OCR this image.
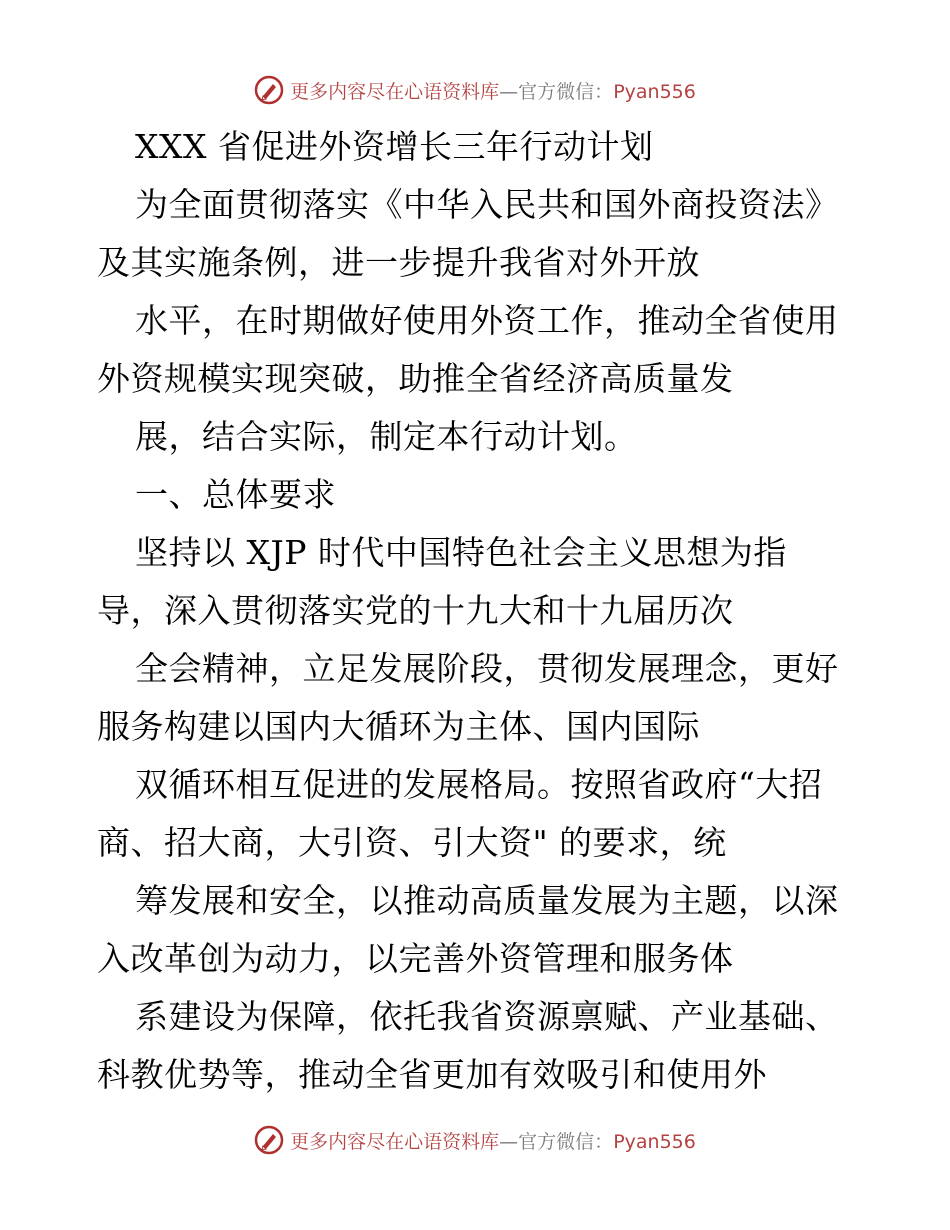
更多内容尽在心语资料库—官方微信：Pyan556
XXX 省促进外资增长三年行动计划
为全面贯彻落实《中华入民共和国外商投资法》
及其实施条例，进一步提升我省对外开放
水平，在时期做好使用外资工作，推动全省使用
外资规模实现突破，助推全省经济高质量发
展，结合实际，制定本行动计划。
一、总体要求
坚持以 XJP 时代中国特色社会主义思想为指
导，深入贯彻落实党的十九大和十九届历次
全会精神，立足发展阶段，贯彻发展理念，更好
服务构建以国内大循环为主体、国内国际
双循环相互促进的发展格局。按照省政府“大招
商、招大商，大引资、引大资" 的要求，统
筹发展和安全，以推动高质量发展为主题，以深
入改革创为动力，以完善外资管理和服务体
系建设为保障，依托我省资源禀赋、产业基础、
科教优势等，推动全省更加有效吸引和使用外
更多内容尽在心语资料库—官方微信：Pyan556
